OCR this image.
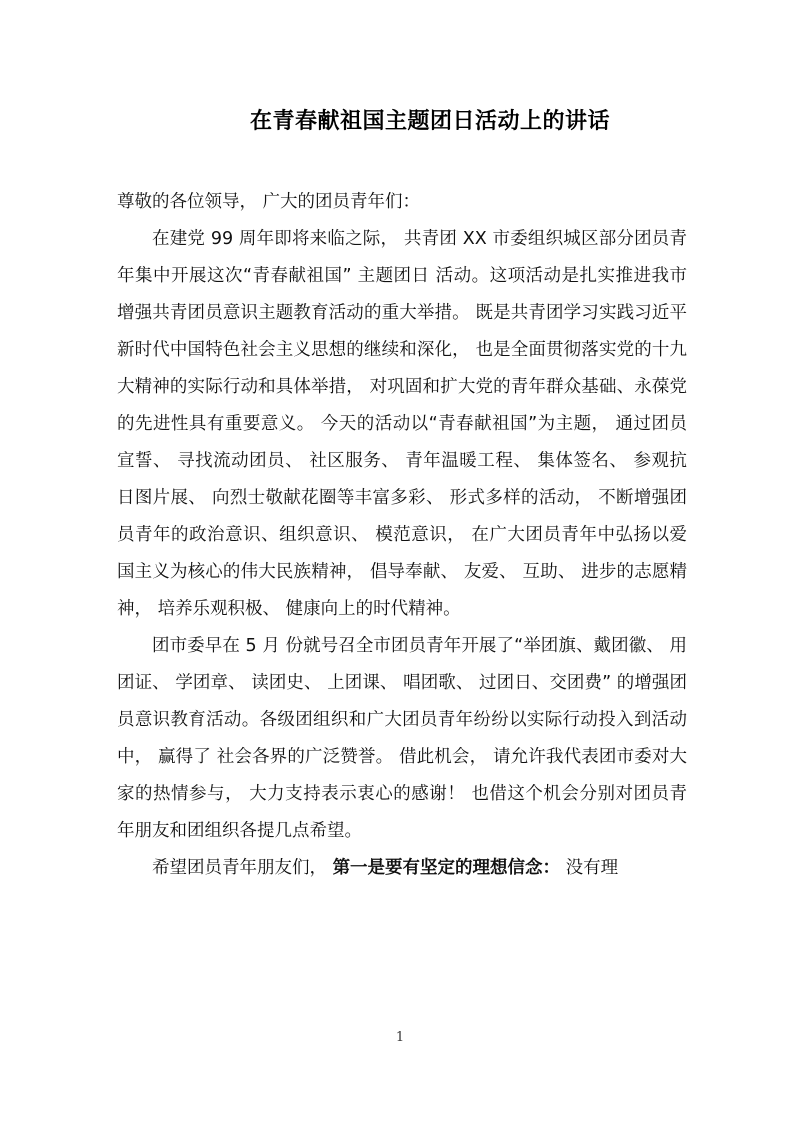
在青春献祖国主题团日活动上的讲话

尊敬的各位领导， 广大的团员青年们：

在建党 99 周年即将来临之际， 共青团 XX 市委组织城区部分团员青年集中开展这次“青春献祖国” 主题团日 活动。这项活动是扎实推进我市增强共青团员意识主题教育活动的重大举措。 既是共青团学习实践习近平新时代中国特色社会主义思想的继续和深化， 也是全面贯彻落实党的十九大精神的实际行动和具体举措， 对巩固和扩大党的青年群众基础、永葆党的先进性具有重要意义。 今天的活动以“青春献祖国”为主题， 通过团员宣誓、 寻找流动团员、 社区服务、 青年温暖工程、 集体签名、 参观抗日图片展、 向烈士敬献花圈等丰富多彩、 形式多样的活动， 不断增强团员青年的政治意识、组织意识、 模范意识， 在广大团员青年中弘扬以爱国主义为核心的伟大民族精神， 倡导奉献、 友爱、 互助、 进步的志愿精神， 培养乐观积极、 健康向上的时代精神。

团市委早在 5 月 份就号召全市团员青年开展了“举团旗、戴团徽、 用团证、 学团章、 读团史、 上团课、 唱团歌、 过团日、交团费” 的增强团员意识教育活动。各级团组织和广大团员青年纷纷以实际行动投入到活动中， 赢得了 社会各界的广泛赞誉。 借此机会， 请允许我代表团市委对大家的热情参与， 大力支持表示衷心的感谢！ 也借这个机会分别对团员青年朋友和团组织各提几点希望。

希望团员青年朋友们， 第一是要有坚定的理想信念： 没有理

1
